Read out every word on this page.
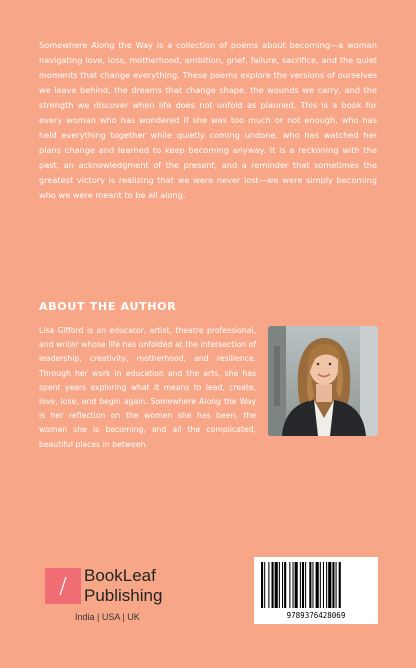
Somewhere Along the Way is a collection of poems about becoming—a woman navigating love, loss, motherhood, ambition, grief, failure, sacrifice, and the quiet moments that change everything. These poems explore the versions of ourselves we leave behind, the dreams that change shape, the wounds we carry, and the strength we discover when life does not unfold as planned. This is a book for every woman who has wondered if she was too much or not enough, who has held everything together while quietly coming undone, who has watched her plans change and learned to keep becoming anyway. It is a reckoning with the past, an acknowledgment of the present, and a reminder that sometimes the greatest victory is realizing that we were never lost—we were simply becoming who we were meant to be all along.

ABOUT THE AUTHOR

Lisa Gifford is an educator, artist, theatre professional, and writer whose life has unfolded at the intersection of leadership, creativity, motherhood, and resilience. Through her work in education and the arts, she has spent years exploring what it means to lead, create, love, lose, and begin again. Somewhere Along the Way is her reflection on the women she has been, the woman she is becoming, and all the complicated, beautiful places in between.

BookLeaf
Publishing
India | USA | UK	9789376428069
